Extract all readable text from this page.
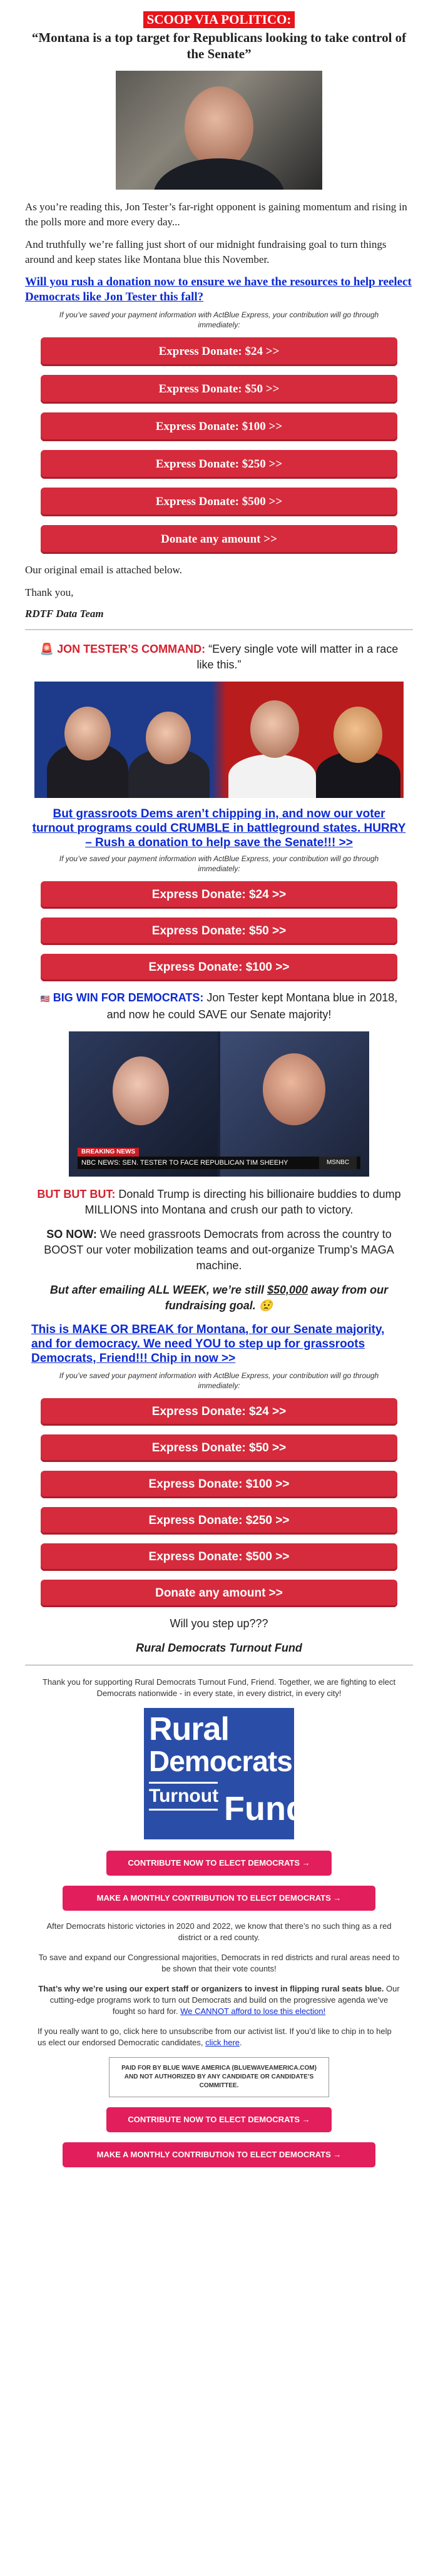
SCOOP VIA POLITICO:
“Montana is a top target for Republicans looking to take control of the Senate”

As you’re reading this, Jon Tester’s far-right opponent is gaining momentum and rising in the polls more and more every day...

And truthfully we’re falling just short of our midnight fundraising goal to turn things around and keep states like Montana blue this November.

Will you rush a donation now to ensure we have the resources to help reelect Democrats like Jon Tester this fall?

If you’ve saved your payment information with ActBlue Express, your contribution will go through immediately:

Express Donate: $24 >>
Express Donate: $50 >>
Express Donate: $100 >>
Express Donate: $250 >>
Express Donate: $500 >>
Donate any amount >>

Our original email is attached below.

Thank you,

RDTF Data Team

🚨 JON TESTER’S COMMAND: “Every single vote will matter in a race like this.”

But grassroots Dems aren’t chipping in, and now our voter turnout programs could CRUMBLE in battleground states. HURRY – Rush a donation to help save the Senate!!! >>

If you’ve saved your payment information with ActBlue Express, your contribution will go through immediately:

Express Donate: $24 >>
Express Donate: $50 >>
Express Donate: $100 >>
🇺🇸 BIG WIN FOR DEMOCRATS: Jon Tester kept Montana blue in 2018, and now he could SAVE our Senate majority!
BREAKING NEWS
NBC NEWS: SEN. TESTER TO FACE REPUBLICAN TIM SHEEHY	MSNBC

BUT BUT BUT: Donald Trump is directing his billionaire buddies to dump MILLIONS into Montana and crush our path to victory.

SO NOW: We need grassroots Democrats from across the country to BOOST our voter mobilization teams and out-organize Trump’s MAGA machine.

But after emailing ALL WEEK, we’re still $50,000 away from our fundraising goal. 😟

This is MAKE OR BREAK for Montana, for our Senate majority, and for democracy. We need YOU to step up for grassroots Democrats, Friend!!! Chip in now >>

If you’ve saved your payment information with ActBlue Express, your contribution will go through immediately:

Express Donate: $24 >>
Express Donate: $50 >>
Express Donate: $100 >>
Express Donate: $250 >>
Express Donate: $500 >>
Donate any amount >>

Will you step up???

Rural Democrats Turnout Fund

Thank you for supporting Rural Democrats Turnout Fund, Friend. Together, we are fighting to elect Democrats nationwide - in every state, in every district, in every city!

Rural
Democrats
Turnout Fund
CONTRIBUTE NOW TO ELECT DEMOCRATS →
MAKE A MONTHLY CONTRIBUTION TO ELECT DEMOCRATS →

After Democrats historic victories in 2020 and 2022, we know that there’s no such thing as a red district or a red county.

To save and expand our Congressional majorities, Democrats in red districts and rural areas need to be shown that their vote counts!

That’s why we’re using our expert staff or organizers to invest in flipping rural seats blue. Our cutting-edge programs work to turn out Democrats and build on the progressive agenda we’ve fought so hard for. We CANNOT afford to lose this election!

If you really want to go, click here to unsubscribe from our activist list. If you’d like to chip in to help us elect our endorsed Democratic candidates, click here.

PAID FOR BY BLUE WAVE AMERICA (BLUEWAVEAMERICA.COM) AND NOT AUTHORIZED BY ANY CANDIDATE OR CANDIDATE’S COMMITTEE.
CONTRIBUTE NOW TO ELECT DEMOCRATS →
MAKE A MONTHLY CONTRIBUTION TO ELECT DEMOCRATS →
